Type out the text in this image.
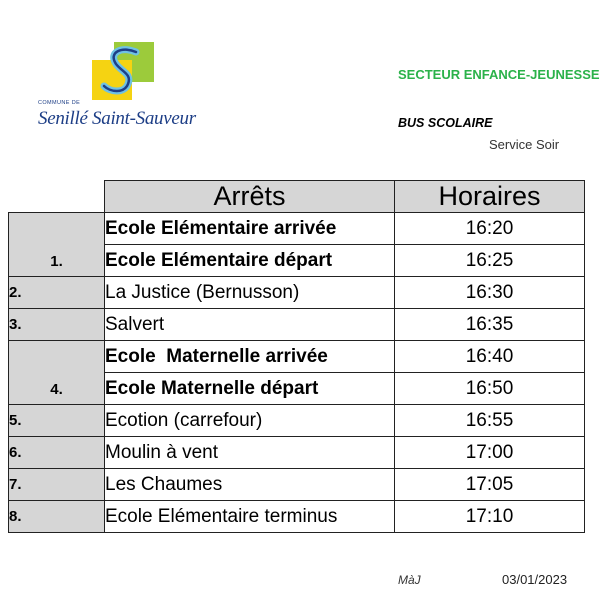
COMMUNE DE
Senillé Saint-Sauveur
SECTEUR ENFANCE-JEUNESSE
BUS SCOLAIRE
Service Soir
	Arrêts	Horaires
1.	Ecole Elémentaire arrivée	16:20
	Ecole Elémentaire départ	16:25
2.	La Justice (Bernusson)	16:30
3.	Salvert	16:35
4.	Ecole  Maternelle arrivée	16:40
	Ecole Maternelle départ	16:50
5.	Ecotion (carrefour)	16:55
6.	Moulin à vent	17:00
7.	Les Chaumes	17:05
8.	Ecole Elémentaire terminus	17:10
MàJ	03/01/2023
